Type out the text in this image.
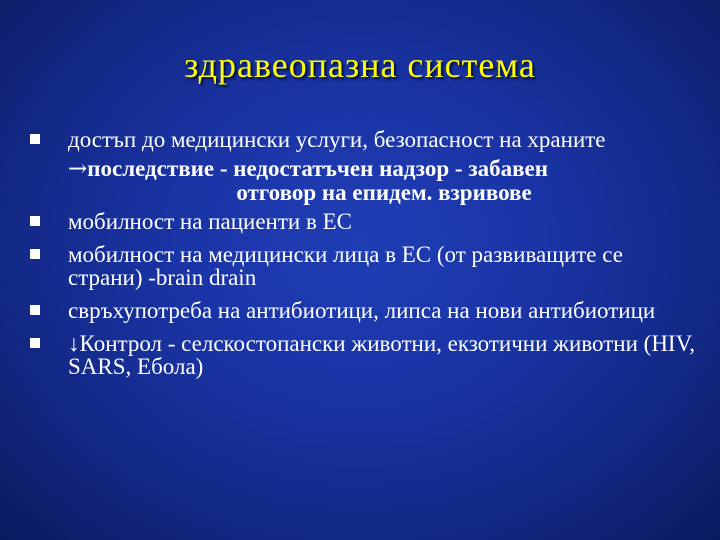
здравеопазна система
достъп до медицински услуги, безопасност на храните
→последствие - недостатъчен надзор - забавен
отговор на епидем. взривове
мобилност на пациенти в ЕС
мобилност на медицински лица в ЕС (от развиващите се страни) -brain drain
свръхупотреба на антибиотици, липса на нови антибиотици
↓Контрол - селскостопански животни, екзотични животни (HIV, SARS, Ебола)
